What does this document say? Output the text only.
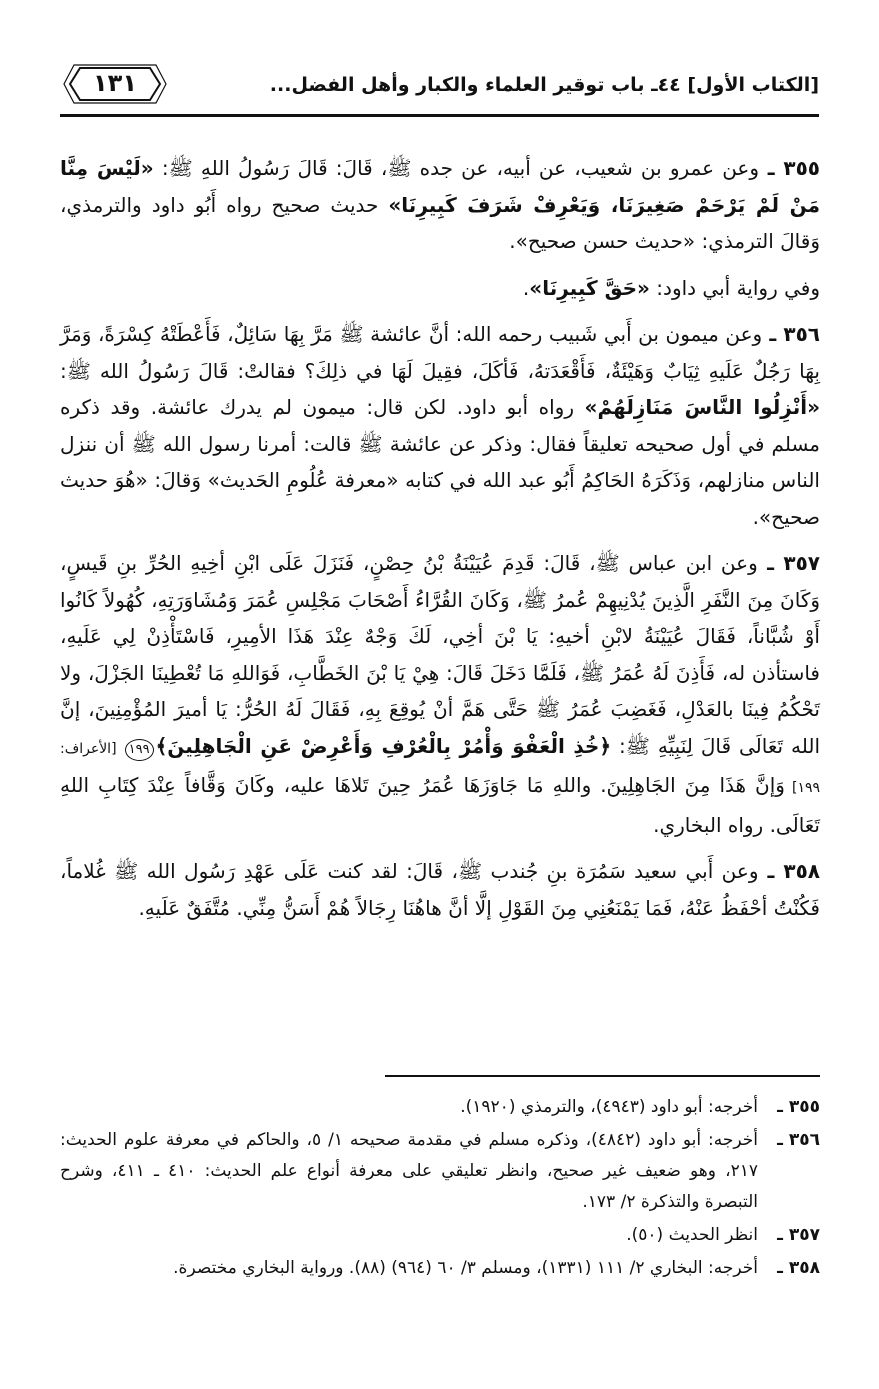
١٣١	[الكتاب الأول] ٤٤ـ باب توقير العلماء والكبار وأهل الفضل...

٣٥٥ ـ وعن عمرو بن شعيب، عن أبيه، عن جده ﷺ، قَالَ: قَالَ رَسُولُ اللهِ ﷺ: «لَيْسَ مِنَّا مَنْ لَمْ يَرْحَمْ صَغِيرَنَا، وَيَعْرِفْ شَرَفَ كَبِيرِنَا» حديث صحيح رواه أَبُو داود والترمذي، وَقالَ الترمذي: «حديث حسن صحيح».

وفي رواية أبي داود: «حَقَّ كَبِيرِنَا».

٣٥٦ ـ وعن ميمون بن أَبي شَبيب رحمه الله: أنَّ عائشة ﷺ مَرَّ بِهَا سَائِلٌ، فَأَعْطَتْهُ كِسْرَةً، وَمَرَّ بِهَا رَجُلٌ عَلَيهِ ثِيَابٌ وَهَيْئَةٌ، فَأَقْعَدَتهُ، فَأكَلَ، فقِيلَ لَهَا في ذلِكَ؟ فقالتْ: قَالَ رَسُولُ الله ﷺ: «أَنْزِلُوا النَّاسَ مَنَازِلَهُمْ» رواه أبو داود. لكن قال: ميمون لم يدرك عائشة. وقد ذكره مسلم في أول صحيحه تعليقاً فقال: وذكر عن عائشة ﷺ قالت: أمرنا رسول الله ﷺ أن ننزل الناس منازلهم، وَذَكَرَهُ الحَاكِمُ أَبُو عبد الله في كتابه «معرفة عُلُومِ الحَديث» وَقالَ: «هُوَ حديث صحيح».

٣٥٧ ـ وعن ابن عباس ﷺ، قَالَ: قَدِمَ عُيَيْنَةُ بْنُ حِصْنٍ، فَنَزَلَ عَلَى ابْنِ أخِيهِ الحُرِّ بنِ قَيسٍ، وَكَانَ مِنَ النَّفَرِ الَّذِينَ يُدْنِيهِمْ عُمرُ ﷺ، وَكَانَ القُرَّاءُ أَصْحَابَ مَجْلِسِ عُمَرَ وَمُشَاوَرَتِهِ، كُهُولاً كَانُوا أَوْ شُبَّاناً، فَقَالَ عُيَيْنَةُ لابْنِ أخيهِ: يَا بْنَ أخِي، لَكَ وَجْهٌ عِنْدَ هَذَا الأمِيرِ، فَاسْتَأْذِنْ لِي عَلَيهِ، فاستأذن له، فَأَذِنَ لَهُ عُمَرُ ﷺ، فَلَمَّا دَخَلَ قَالَ: هِيْ يَا بْنَ الخَطَّابِ، فَوَاللهِ مَا تُعْطِينَا الجَزْلَ، ولا تَحْكُمُ فِينَا بالعَدْلِ، فَغَضِبَ عُمَرُ ﷺ حَتَّى هَمَّ أنْ يُوقِعَ بِهِ، فَقَالَ لَهُ الحُرُّ: يَا أميرَ المُؤْمِنِينَ، إنَّ الله تَعَالَى قَالَ لِنَبِيِّهِ ﷺ: ﴿خُذِ الْعَفْوَ وَأْمُرْ بِالْعُرْفِ وَأَعْرِضْ عَنِ الْجَاهِلِينَ﴾١٩٩ [الأعراف: ١٩٩] وَإنَّ هَذَا مِنَ الجَاهِلِينَ. واللهِ مَا جَاوَزَهَا عُمَرُ حِينَ تَلاهَا عليه، وكَانَ وَقَّافاً عِنْدَ كِتَابِ اللهِ تَعَالَى. رواه البخاري.

٣٥٨ ـ وعن أَبي سعيد سَمُرَة بنِ جُندب ﷺ، قَالَ: لقد كنت عَلَى عَهْدِ رَسُول الله ﷺ غُلاماً، فَكُنْتُ أحْفَظُ عَنْهُ، فَمَا يَمْنَعُنِي مِنَ القَوْلِ إلَّا أنَّ هاهُنَا رِجَالاً هُمْ أَسَنُّ مِنِّي. مُتَّفَقٌ عَلَيهِ.

٣٥٥ ـ
أخرجه: أبو داود (٤٩٤٣)، والترمذي (١٩٢٠).
٣٥٦ ـ
أخرجه: أبو داود (٤٨٤٢)، وذكره مسلم في مقدمة صحيحه ١/ ٥، والحاكم في معرفة علوم الحديث: ٢١٧، وهو ضعيف غير صحيح، وانظر تعليقي على معرفة أنواع علم الحديث: ٤١٠ ـ ٤١١، وشرح التبصرة والتذكرة ٢/ ١٧٣.
٣٥٧ ـ
انظر الحديث (٥٠).
٣٥٨ ـ
أخرجه: البخاري ٢/ ١١١ (١٣٣١)، ومسلم ٣/ ٦٠ (٩٦٤) (٨٨). ورواية البخاري مختصرة.
